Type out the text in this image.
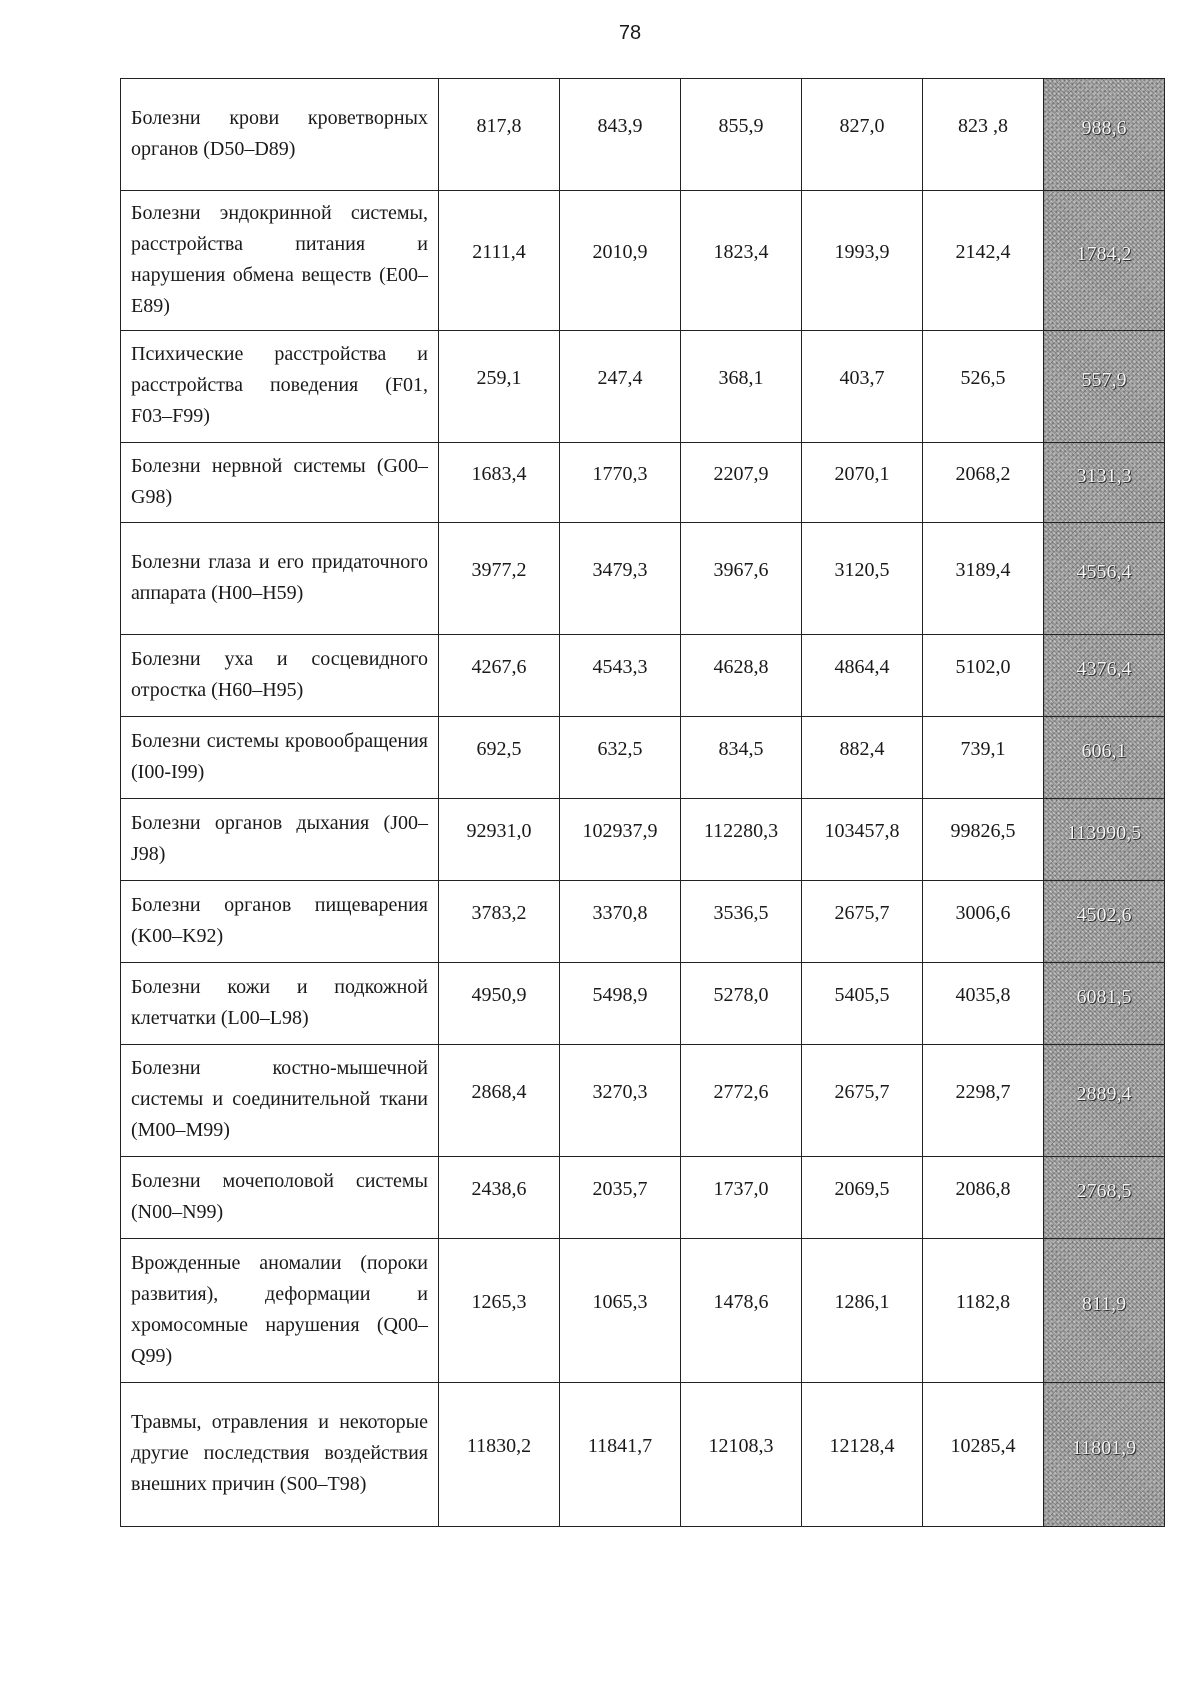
78
Болезни крови кроветворных органов (D50–D89)	817,8	843,9	855,9	827,0	823 ,8	988,6
Болезни эндокринной системы, расстройства питания и нарушения обмена веществ (E00–E89)	2111,4	2010,9	1823,4	1993,9	2142,4	1784,2
Психические расстройства и расстройства поведения (F01, F03–F99)	259,1	247,4	368,1	403,7	526,5	557,9
Болезни нервной системы (G00–G98)	1683,4	1770,3	2207,9	2070,1	2068,2	3131,3
Болезни глаза и его придаточного аппарата (H00–H59)	3977,2	3479,3	3967,6	3120,5	3189,4	4556,4
Болезни уха и сосцевидного отростка (H60–H95)	4267,6	4543,3	4628,8	4864,4	5102,0	4376,4
Болезни системы кровообращения (I00-I99)	692,5	632,5	834,5	882,4	739,1	606,1
Болезни органов дыхания (J00–J98)	92931,0	102937,9	112280,3	103457,8	99826,5	113990,5
Болезни органов пищеварения (K00–K92)	3783,2	3370,8	3536,5	2675,7	3006,6	4502,6
Болезни кожи и подкожной клетчатки (L00–L98)	4950,9	5498,9	5278,0	5405,5	4035,8	6081,5
Болезни костно-мышечной системы и соединительной ткани (M00–M99)	2868,4	3270,3	2772,6	2675,7	2298,7	2889,4
Болезни мочеполовой системы (N00–N99)	2438,6	2035,7	1737,0	2069,5	2086,8	2768,5
Врожденные аномалии (пороки развития), деформации и хромосомные нарушения (Q00–Q99)	1265,3	1065,3	1478,6	1286,1	1182,8	811,9
Травмы, отравления и некоторые другие последствия воздействия внешних причин (S00–T98)	11830,2	11841,7	12108,3	12128,4	10285,4	11801,9
